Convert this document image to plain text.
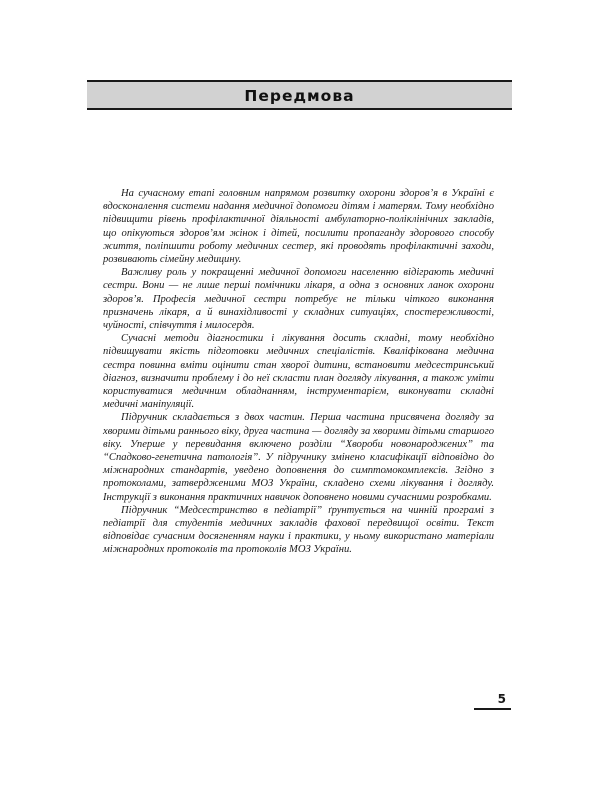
Передмова

На сучасному етапі головним напрямом розвитку охорони здоров’я в Україні є вдосконалення системи надання медичної допомоги дітям і матерям. Тому необхідно підвищити рівень профілактичної діяльності амбулаторно-поліклінічних закладів, що опікуються здоров’ям жінок і дітей, посилити пропаганду здорового способу життя, поліпшити роботу медичних сестер, які проводять профілактичні заходи, розвивають сімейну медицину.

Важливу роль у покращенні медичної допомоги населенню відіграють медичні сестри. Вони — не лише перші помічники лікаря, а одна з основних ланок охорони здоров’я. Професія медичної сестри потребує не тільки чіткого виконання призначень лікаря, а й винахідливості у складних ситуаціях, спостережливості, чуйності, співчуття і милосердя.

Сучасні методи діагностики і лікування досить складні, тому необхідно підвищувати якість підготовки медичних спеціалістів. Кваліфікована медична сестра повинна вміти оцінити стан хворої дитини, встановити медсестринський діагноз, визначити проблему і до неї скласти план догляду лікування, а також уміти користуватися медичним обладнанням, інструментарієм, виконувати складні медичні маніпуляції.

Підручник складається з двох частин. Перша частина присвячена догляду за хворими дітьми раннього віку, друга частина — догляду за хворими дітьми старшого віку. Уперше у перевидання включено розділи “Хвороби новонароджених” та “Спадково-генетична патологія”. У підручнику змінено класифікації відповідно до міжнародних стандартів, уведено доповнення до симптомокомплексів. Згідно з протоколами, затвердженими МОЗ України, складено схеми лікування і догляду. Інструкції з виконання практичних навичок доповнено новими сучасними розробками.

Підручник “Медсестринство в педіатрії” ґрунтується на чинній програмі з педіатрії для студентів медичних закладів фахової передвищої освіти. Текст відповідає сучасним досягненням науки і практики, у ньому використано матеріали міжнародних протоколів та протоколів МОЗ України.

5
